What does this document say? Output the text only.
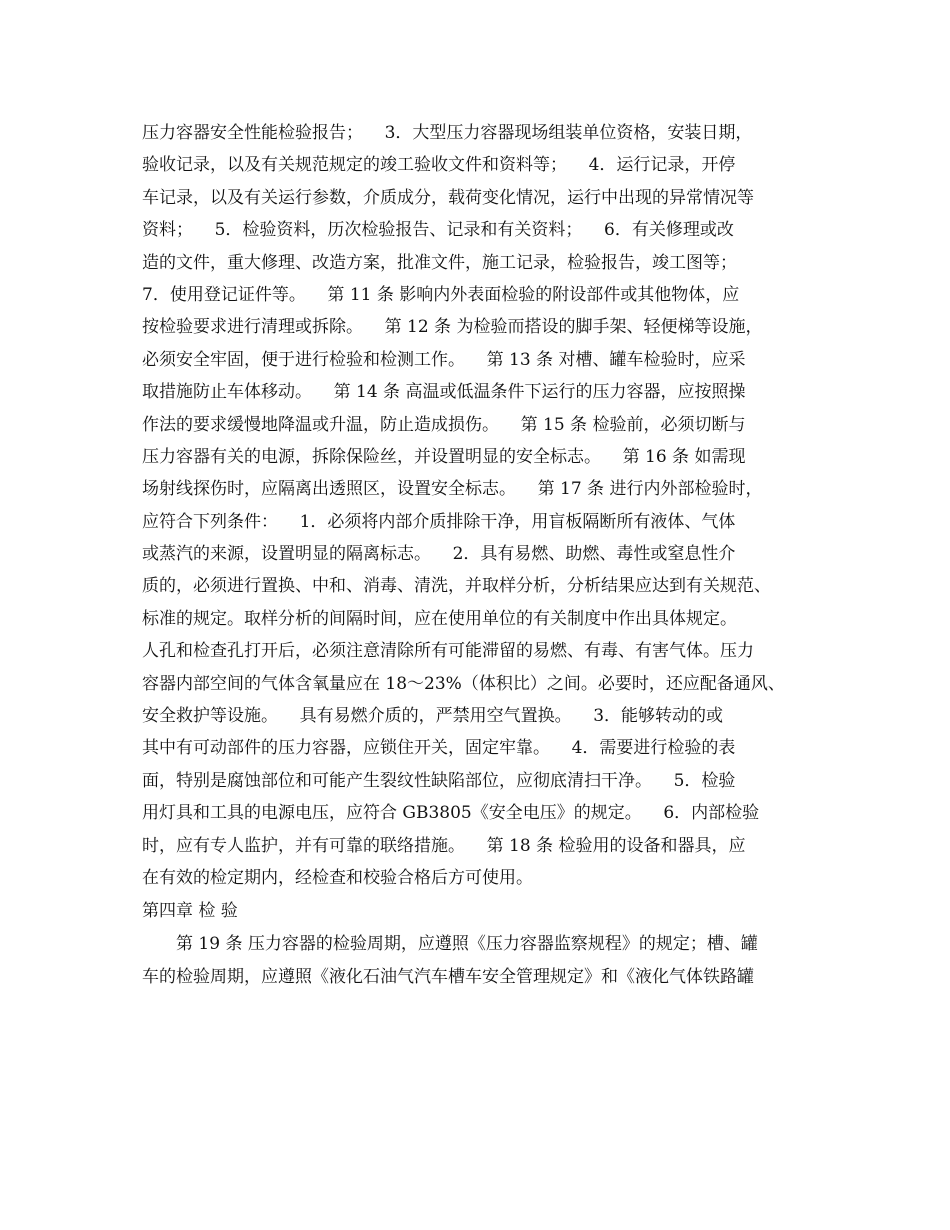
压力容器安全性能检验报告；    3．大型压力容器现场组装单位资格，安装日期，
验收记录，以及有关规范规定的竣工验收文件和资料等；    4．运行记录，开停
车记录，以及有关运行参数，介质成分，载荷变化情况，运行中出现的异常情况等
资料；    5．检验资料，历次检验报告、记录和有关资料；    6．有关修理或改
造的文件，重大修理、改造方案，批准文件，施工记录，检验报告，竣工图等；
7．使用登记证件等。    第 11 条 影响内外表面检验的附设部件或其他物体，应
按检验要求进行清理或拆除。    第 12 条 为检验而搭设的脚手架、轻便梯等设施，
必须安全牢固，便于进行检验和检测工作。    第 13 条 对槽、罐车检验时，应采
取措施防止车体移动。    第 14 条 高温或低温条件下运行的压力容器，应按照操
作法的要求缓慢地降温或升温，防止造成损伤。    第 15 条 检验前，必须切断与
压力容器有关的电源，拆除保险丝，并设置明显的安全标志。    第 16 条 如需现
场射线探伤时，应隔离出透照区，设置安全标志。    第 17 条 进行内外部检验时，
应符合下列条件：    1．必须将内部介质排除干净，用盲板隔断所有液体、气体
或蒸汽的来源，设置明显的隔离标志。    2．具有易燃、助燃、毒性或窒息性介
质的，必须进行置换、中和、消毒、清洗，并取样分析，分析结果应达到有关规范、
标准的规定。取样分析的间隔时间，应在使用单位的有关制度中作出具体规定。
人孔和检查孔打开后，必须注意清除所有可能滞留的易燃、有毒、有害气体。压力
容器内部空间的气体含氧量应在 18～23%（体积比）之间。必要时，还应配备通风、
安全救护等设施。    具有易燃介质的，严禁用空气置换。    3．能够转动的或
其中有可动部件的压力容器，应锁住开关，固定牢靠。    4．需要进行检验的表
面，特别是腐蚀部位和可能产生裂纹性缺陷部位，应彻底清扫干净。    5．检验
用灯具和工具的电源电压，应符合 GB3805《安全电压》的规定。    6．内部检验
时，应有专人监护，并有可靠的联络措施。    第 18 条 检验用的设备和器具，应
在有效的检定期内，经检查和校验合格后方可使用。
第四章 检 验
第 19 条 压力容器的检验周期，应遵照《压力容器监察规程》的规定；槽、罐
车的检验周期，应遵照《液化石油气汽车槽车安全管理规定》和《液化气体铁路罐
